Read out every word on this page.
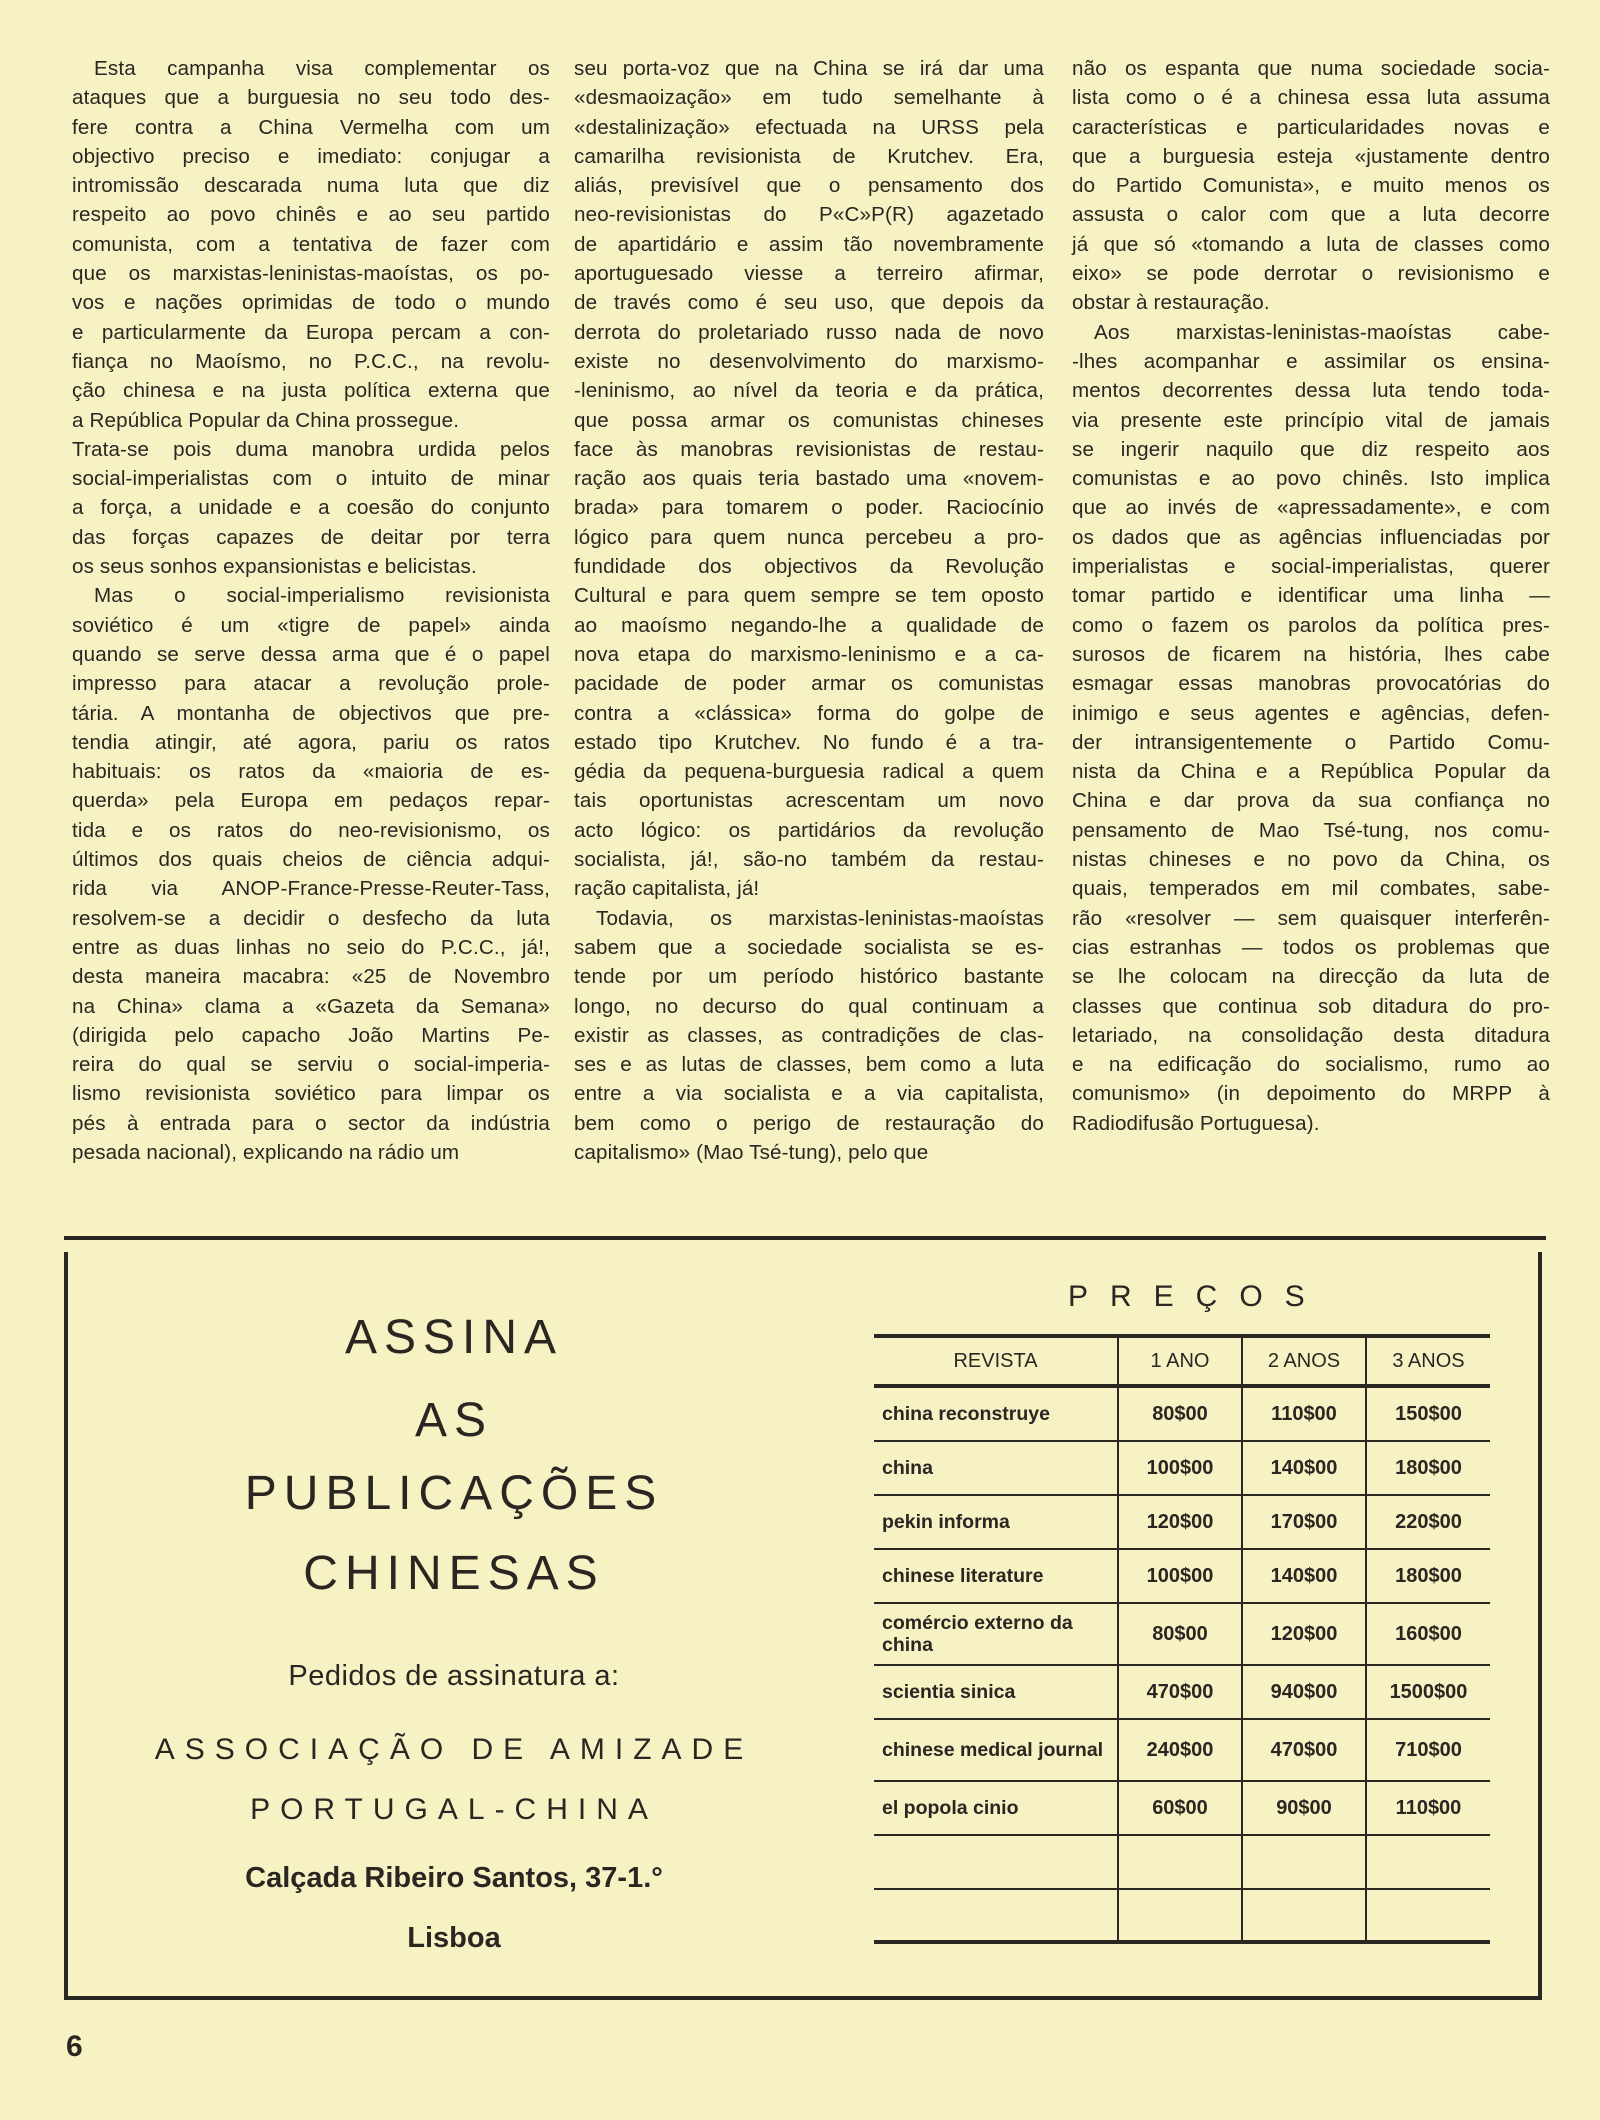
Esta campanha visa complementar os
ataques que a burguesia no seu todo des-
fere contra a China Vermelha com um
objectivo preciso e imediato: conjugar a
intromissão descarada numa luta que diz
respeito ao povo chinês e ao seu partido
comunista, com a tentativa de fazer com
que os marxistas-leninistas-maoístas, os po-
vos e nações oprimidas de todo o mundo
e particularmente da Europa percam a con-
fiança no Maoísmo, no P.C.C., na revolu-
ção chinesa e na justa política externa que
a República Popular da China prossegue.
Trata-se pois duma manobra urdida pelos
social-imperialistas com o intuito de minar
a força, a unidade e a coesão do conjunto
das forças capazes de deitar por terra
os seus sonhos expansionistas e belicistas.
Mas o social-imperialismo revisionista
soviético é um «tigre de papel» ainda
quando se serve dessa arma que é o papel
impresso para atacar a revolução prole-
tária. A montanha de objectivos que pre-
tendia atingir, até agora, pariu os ratos
habituais: os ratos da «maioria de es-
querda» pela Europa em pedaços repar-
tida e os ratos do neo-revisionismo, os
últimos dos quais cheios de ciência adqui-
rida via ANOP-France-Presse-Reuter-Tass,
resolvem-se a decidir o desfecho da luta
entre as duas linhas no seio do P.C.C., já!,
desta maneira macabra: «25 de Novembro
na China» clama a «Gazeta da Semana»
(dirigida pelo capacho João Martins Pe-
reira do qual se serviu o social-imperia-
lismo revisionista soviético para limpar os
pés à entrada para o sector da indústria
pesada nacional), explicando na rádio um
seu porta-voz que na China se irá dar uma
«desmaoização» em tudo semelhante à
«destalinização» efectuada na URSS pela
camarilha revisionista de Krutchev. Era,
aliás, previsível que o pensamento dos
neo-revisionistas do P«C»P(R) agazetado
de apartidário e assim tão novembramente
aportuguesado viesse a terreiro afirmar,
de través como é seu uso, que depois da
derrota do proletariado russo nada de novo
existe no desenvolvimento do marxismo-
-leninismo, ao nível da teoria e da prática,
que possa armar os comunistas chineses
face às manobras revisionistas de restau-
ração aos quais teria bastado uma «novem-
brada» para tomarem o poder. Raciocínio
lógico para quem nunca percebeu a pro-
fundidade dos objectivos da Revolução
Cultural e para quem sempre se tem oposto
ao maoísmo negando-lhe a qualidade de
nova etapa do marxismo-leninismo e a ca-
pacidade de poder armar os comunistas
contra a «clássica» forma do golpe de
estado tipo Krutchev. No fundo é a tra-
gédia da pequena-burguesia radical a quem
tais oportunistas acrescentam um novo
acto lógico: os partidários da revolução
socialista, já!, são-no também da restau-
ração capitalista, já!
Todavia, os marxistas-leninistas-maoístas
sabem que a sociedade socialista se es-
tende por um período histórico bastante
longo, no decurso do qual continuam a
existir as classes, as contradições de clas-
ses e as lutas de classes, bem como a luta
entre a via socialista e a via capitalista,
bem como o perigo de restauração do
capitalismo» (Mao Tsé-tung), pelo que
não os espanta que numa sociedade socia-
lista como o é a chinesa essa luta assuma
características e particularidades novas e
que a burguesia esteja «justamente dentro
do Partido Comunista», e muito menos os
assusta o calor com que a luta decorre
já que só «tomando a luta de classes como
eixo» se pode derrotar o revisionismo e
obstar à restauração.
Aos marxistas-leninistas-maoístas cabe-
-lhes acompanhar e assimilar os ensina-
mentos decorrentes dessa luta tendo toda-
via presente este princípio vital de jamais
se ingerir naquilo que diz respeito aos
comunistas e ao povo chinês. Isto implica
que ao invés de «apressadamente», e com
os dados que as agências influenciadas por
imperialistas e social-imperialistas, querer
tomar partido e identificar uma linha —
como o fazem os parolos da política pres-
surosos de ficarem na história, lhes cabe
esmagar essas manobras provocatórias do
inimigo e seus agentes e agências, defen-
der intransigentemente o Partido Comu-
nista da China e a República Popular da
China e dar prova da sua confiança no
pensamento de Mao Tsé-tung, nos comu-
nistas chineses e no povo da China, os
quais, temperados em mil combates, sabe-
rão «resolver — sem quaisquer interferên-
cias estranhas — todos os problemas que
se lhe colocam na direcção da luta de
classes que continua sob ditadura do pro-
letariado, na consolidação desta ditadura
e na edificação do socialismo, rumo ao
comunismo» (in depoimento do MRPP à
Radiodifusão Portuguesa).
ASSINA
AS
PUBLICAÇÕES
CHINESAS
Pedidos de assinatura a:
ASSOCIAÇÃO DE AMIZADE
PORTUGAL-CHINA
Calçada Ribeiro Santos, 37-1.°
Lisboa
PREÇOS
REVISTA	1 ANO	2 ANOS	3 ANOS
china reconstruye	80$00	110$00	150$00
china	100$00	140$00	180$00
pekin informa	120$00	170$00	220$00
chinese literature	100$00	140$00	180$00
comércio externo da china	80$00	120$00	160$00
scientia sinica	470$00	940$00	1500$00
chinese medical journal	240$00	470$00	710$00
el popola cinio	60$00	90$00	110$00

6
